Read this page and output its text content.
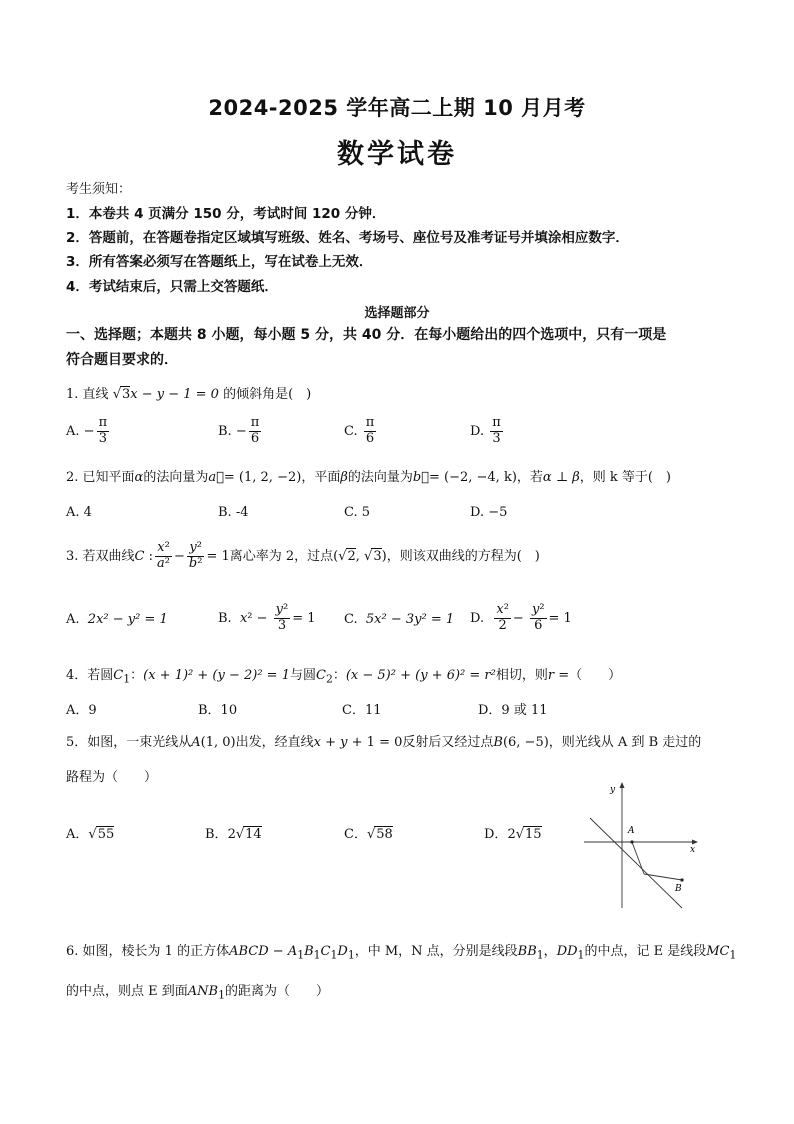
2024-2025 学年高二上期 10 月月考
数学试卷
考生须知：
1．本卷共 4 页满分 150 分，考试时间 120 分钟．
2．答题前，在答题卷指定区域填写班级、姓名、考场号、座位号及准考证号并填涂相应数字．
3．所有答案必须写在答题纸上，写在试卷上无效．
4．考试结束后，只需上交答题纸．
选择题部分
一、选择题；本题共 8 小题，每小题 5 分，共 40 分．在每小题给出的四个选项中，只有一项是
符合题目要求的．
1. 直线 √3x − y − 1 = 0 的倾斜角是(　)
A. − $\frac{\pi}{3}$	B. − $\frac{\pi}{6}$	C. $\frac{\pi}{6}$	D. $\frac{\pi}{3}$
2. 已知平面α的法向量为a⃗= (1, 2, −2)，平面β的法向量为b⃗= (−2, −4, k)，若α ⊥ β，则 k 等于(　)
A. 4	B. -4	C. 5	D. −5
3. 若双曲线C : $\frac{\text{x²}}{\text{a²}} - \frac{\text{y²}}{\text{b²}} = 1$离心率为 2，过点(√2, √3)，则该双曲线的方程为(　)
A. 2x² − y² = 1	B. $x^2 - \frac{\text{y²}}{3} = 1$ C. 5x² − 3y² = 1 D. $\frac{\text{x²}}{2} - \frac{\text{y²}}{6} = 1$
4．若圆$C_1$：(x + 1)² + (y − 2)² = 1与圆$C_2$：(x − 5)² + (y + 6)² = r²相切，则r =（　　）
A．9	B．10	C．11	D．9 或 11
5．如图，一束光线从A(1, 0)出发，经直线x + y + 1 = 0反射后又经过点B(6, −5)，则光线从 A 到 B 走过的
路程为（　　）
A．√55	B．2√14	C．√58	D．2√15
y
x
A
B
6. 如图，棱长为 1 的正方体ABCD − $A_1B_1C_1D_1$，中 M，N 点，分别是线段$BB_1$，$DD_1$的中点，记 E 是线段$MC_1$
的中点，则点 E 到面$ANB_1$的距离为（　　）
